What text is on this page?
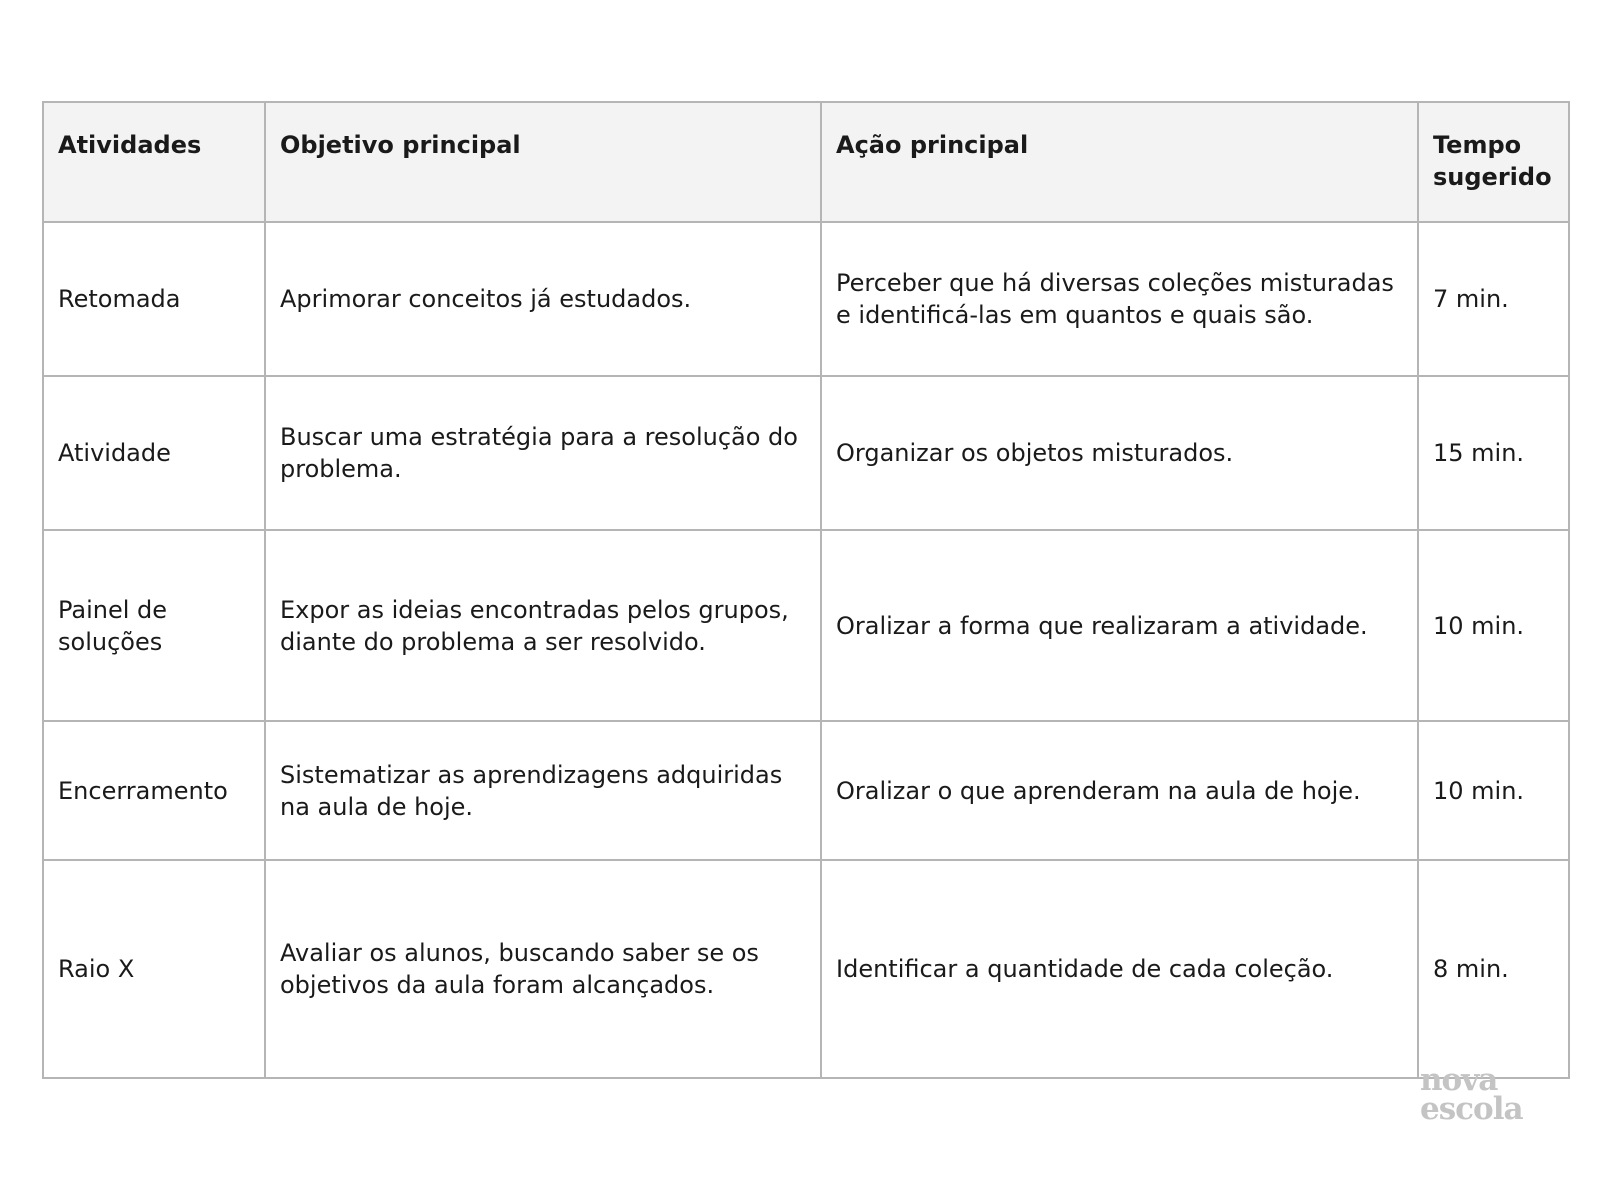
Atividades	Objetivo principal	Ação principal	Tempo sugerido
Retomada	Aprimorar conceitos já estudados.	Perceber que há diversas coleções misturadas e identificá-las em quantos e quais são.	7 min.
Atividade	Buscar uma estratégia para a resolução do problema.	Organizar os objetos misturados.	15 min.
Painel de soluções	Expor as ideias encontradas pelos grupos, diante do problema a ser resolvido.	Oralizar a forma que realizaram a atividade.	10 min.
Encerramento	Sistematizar as aprendizagens adquiridas na aula de hoje.	Oralizar o que aprenderam na aula de hoje.	10 min.
Raio X	Avaliar os alunos, buscando saber se os objetivos da aula foram alcançados.	Identificar a quantidade de cada coleção.	8 min.
nova
escola
